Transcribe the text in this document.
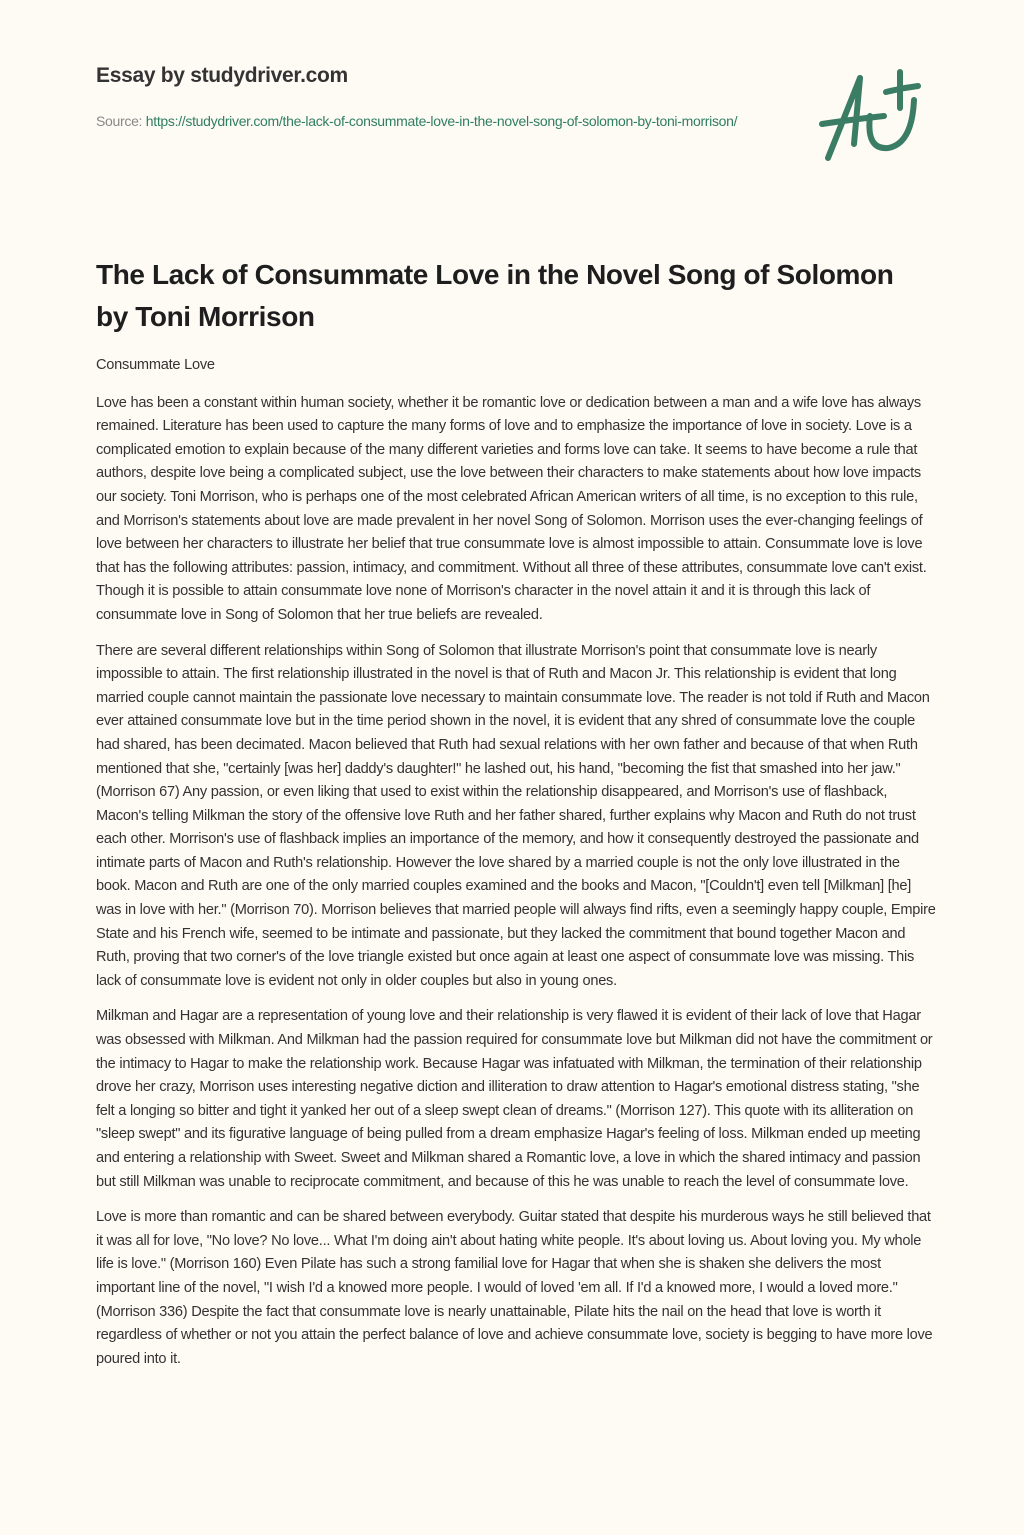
Essay by studydriver.com
Source: https://studydriver.com/the-lack-of-consummate-love-in-the-novel-song-of-solomon-by-toni-morrison/
The Lack of Consummate Love in the Novel Song of Solomon by Toni Morrison

Consummate Love

Love has been a constant within human society, whether it be romantic love or dedication between a man and a wife love has always remained. Literature has been used to capture the many forms of love and to emphasize the importance of love in society. Love is a complicated emotion to explain because of the many different varieties and forms love can take. It seems to have become a rule that authors, despite love being a complicated subject, use the love between their characters to make statements about how love impacts our society. Toni Morrison, who is perhaps one of the most celebrated African American writers of all time, is no exception to this rule, and Morrison's statements about love are made prevalent in her novel Song of Solomon. Morrison uses the ever-changing feelings of love between her characters to illustrate her belief that true consummate love is almost impossible to attain. Consummate love is love that has the following attributes: passion, intimacy, and commitment. Without all three of these attributes, consummate love can't exist. Though it is possible to attain consummate love none of Morrison's character in the novel attain it and it is through this lack of consummate love in Song of Solomon that her true beliefs are revealed.

There are several different relationships within Song of Solomon that illustrate Morrison's point that consummate love is nearly impossible to attain. The first relationship illustrated in the novel is that of Ruth and Macon Jr. This relationship is evident that long married couple cannot maintain the passionate love necessary to maintain consummate love. The reader is not told if Ruth and Macon ever attained consummate love but in the time period shown in the novel, it is evident that any shred of consummate love the couple had shared, has been decimated. Macon believed that Ruth had sexual relations with her own father and because of that when Ruth mentioned that she, "certainly [was her] daddy's daughter!" he lashed out, his hand, "becoming the fist that smashed into her jaw." (Morrison 67) Any passion, or even liking that used to exist within the relationship disappeared, and Morrison's use of flashback, Macon's telling Milkman the story of the offensive love Ruth and her father shared, further explains why Macon and Ruth do not trust each other. Morrison's use of flashback implies an importance of the memory, and how it consequently destroyed the passionate and intimate parts of Macon and Ruth's relationship. However the love shared by a married couple is not the only love illustrated in the book. Macon and Ruth are one of the only married couples examined and the books and Macon, "[Couldn't] even tell [Milkman] [he] was in love with her." (Morrison 70). Morrison believes that married people will always find rifts, even a seemingly happy couple, Empire State and his French wife, seemed to be intimate and passionate, but they lacked the commitment that bound together Macon and Ruth, proving that two corner's of the love triangle existed but once again at least one aspect of consummate love was missing. This lack of consummate love is evident not only in older couples but also in young ones.

Milkman and Hagar are a representation of young love and their relationship is very flawed it is evident of their lack of love that Hagar was obsessed with Milkman. And Milkman had the passion required for consummate love but Milkman did not have the commitment or the intimacy to Hagar to make the relationship work. Because Hagar was infatuated with Milkman, the termination of their relationship drove her crazy, Morrison uses interesting negative diction and illiteration to draw attention to Hagar's emotional distress stating, "she felt a longing so bitter and tight it yanked her out of a sleep swept clean of dreams." (Morrison 127). This quote with its alliteration on "sleep swept" and its figurative language of being pulled from a dream emphasize Hagar's feeling of loss. Milkman ended up meeting and entering a relationship with Sweet. Sweet and Milkman shared a Romantic love, a love in which the shared intimacy and passion but still Milkman was unable to reciprocate commitment, and because of this he was unable to reach the level of consummate love.

Love is more than romantic and can be shared between everybody. Guitar stated that despite his murderous ways he still believed that it was all for love, "No love? No love... What I'm doing ain't about hating white people. It's about loving us. About loving you. My whole life is love." (Morrison 160) Even Pilate has such a strong familial love for Hagar that when she is shaken she delivers the most important line of the novel, "I wish I'd a knowed more people. I would of loved 'em all. If I'd a knowed more, I would a loved more." (Morrison 336) Despite the fact that consummate love is nearly unattainable, Pilate hits the nail on the head that love is worth it regardless of whether or not you attain the perfect balance of love and achieve consummate love, society is begging to have more love poured into it.
